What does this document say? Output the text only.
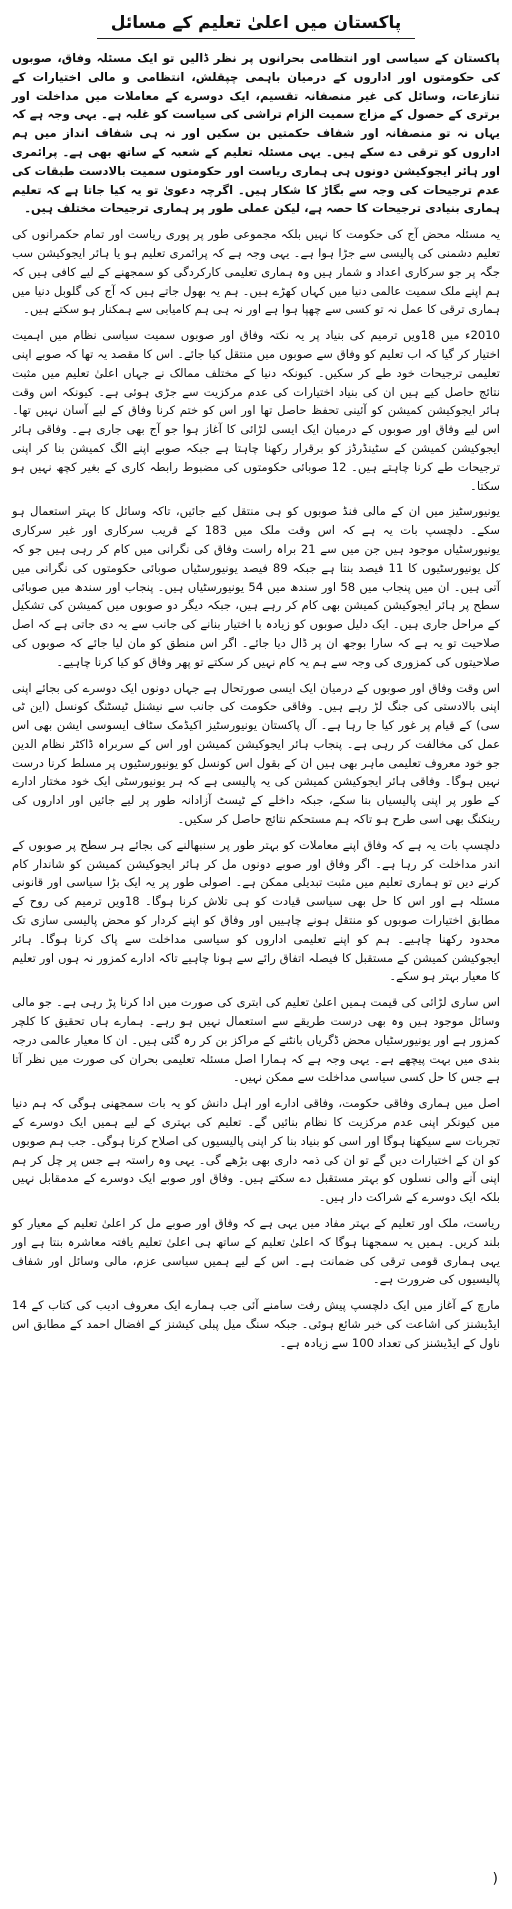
پاکستان میں اعلیٰ تعلیم کے مسائل

پاکستان کے سیاسی اور انتظامی بحرانوں پر نظر ڈالیں تو ایک مسئلہ وفاق، صوبوں کی حکومتوں اور اداروں کے درمیان باہمی چپقلش، انتظامی و مالی اختیارات کے تنازعات، وسائل کی غیر منصفانہ تقسیم، ایک دوسرے کے معاملات میں مداخلت اور برتری کے حصول کے مزاج سمیت الزام تراشی کی سیاست کو غلبہ ہے۔ یہی وجہ ہے کہ یہاں نہ تو منصفانہ اور شفاف حکمتیں بن سکیں اور نہ ہی شفاف انداز میں ہم اداروں کو ترقی دے سکے ہیں۔ یہی مسئلہ تعلیم کے شعبہ کے ساتھ بھی ہے۔ پرائمری اور ہائر ایجوکیشن دونوں ہی ہماری ریاست اور حکومتوں سمیت بالادست طبقات کی عدم ترجیحات کی وجہ سے بگاڑ کا شکار ہیں۔ اگرچہ دعویٰ تو یہ کیا جاتا ہے کہ تعلیم ہماری بنیادی ترجیحات کا حصہ ہے، لیکن عملی طور پر ہماری ترجیحات مختلف ہیں۔

یہ مسئلہ محض آج کی حکومت کا نہیں بلکہ مجموعی طور پر پوری ریاست اور تمام حکمرانوں کی تعلیم دشمنی کی پالیسی سے جڑا ہوا ہے۔ یہی وجہ ہے کہ پرائمری تعلیم ہو یا ہائر ایجوکیشن سب جگہ پر جو سرکاری اعداد و شمار ہیں وہ ہماری تعلیمی کارکردگی کو سمجھنے کے لیے کافی ہیں کہ ہم اپنے ملک سمیت عالمی دنیا میں کہاں کھڑے ہیں۔ ہم یہ بھول جاتے ہیں کہ آج کی گلوبل دنیا میں ہماری ترقی کا عمل نہ تو کسی سے چھپا ہوا ہے اور نہ ہی ہم کامیابی سے ہمکنار ہو سکتے ہیں۔

2010ء میں 18ویں ترمیم کی بنیاد پر یہ نکتہ وفاق اور صوبوں سمیت سیاسی نظام میں اہمیت اختیار کر گیا کہ اب تعلیم کو وفاق سے صوبوں میں منتقل کیا جائے۔ اس کا مقصد یہ تھا کہ صوبے اپنی تعلیمی ترجیحات خود طے کر سکیں۔ کیونکہ دنیا کے مختلف ممالک نے جہاں اعلیٰ تعلیم میں مثبت نتائج حاصل کیے ہیں ان کی بنیاد اختیارات کی عدم مرکزیت سے جڑی ہوئی ہے۔ کیونکہ اس وقت ہائر ایجوکیشن کمیشن کو آئینی تحفظ حاصل تھا اور اس کو ختم کرنا وفاق کے لیے آسان نہیں تھا۔ اس لیے وفاق اور صوبوں کے درمیان ایک ایسی لڑائی کا آغاز ہوا جو آج بھی جاری ہے۔ وفاقی ہائر ایجوکیشن کمیشن کے سٹینڈرڈز کو برقرار رکھنا چاہتا ہے جبکہ صوبے اپنے الگ کمیشن بنا کر اپنی ترجیحات طے کرنا چاہتے ہیں۔ 12 صوبائی حکومتوں کی مضبوط رابطہ کاری کے بغیر کچھ نہیں ہو سکتا۔

یونیورسٹیز میں ان کے مالی فنڈ صوبوں کو ہی منتقل کیے جائیں، تاکہ وسائل کا بہتر استعمال ہو سکے۔ دلچسپ بات یہ ہے کہ اس وقت ملک میں 183 کے قریب سرکاری اور غیر سرکاری یونیورسٹیاں موجود ہیں جن میں سے 21 براہ راست وفاق کی نگرانی میں کام کر رہی ہیں جو کہ کل یونیورسٹیوں کا 11 فیصد بنتا ہے جبکہ 89 فیصد یونیورسٹیاں صوبائی حکومتوں کی نگرانی میں آتی ہیں۔ ان میں پنجاب میں 58 اور سندھ میں 54 یونیورسٹیاں ہیں۔ پنجاب اور سندھ میں صوبائی سطح پر ہائر ایجوکیشن کمیشن بھی کام کر رہے ہیں، جبکہ دیگر دو صوبوں میں کمیشن کی تشکیل کے مراحل جاری ہیں۔ ایک دلیل صوبوں کو زیادہ با اختیار بنانے کی جانب سے یہ دی جاتی ہے کہ اصل صلاحیت تو یہ ہے کہ سارا بوجھ ان پر ڈال دیا جائے۔ اگر اس منطق کو مان لیا جائے کہ صوبوں کی صلاحیتوں کی کمزوری کی وجہ سے ہم یہ کام نہیں کر سکتے تو پھر وفاق کو کیا کرنا چاہیے۔

اس وقت وفاق اور صوبوں کے درمیان ایک ایسی صورتحال ہے جہاں دونوں ایک دوسرے کی بجائے اپنی اپنی بالادستی کی جنگ لڑ رہے ہیں۔ وفاقی حکومت کی جانب سے نیشنل ٹیسٹنگ کونسل (این ٹی سی) کے قیام پر غور کیا جا رہا ہے۔ آل پاکستان یونیورسٹیز اکیڈمک سٹاف ایسوسی ایشن بھی اس عمل کی مخالفت کر رہی ہے۔ پنجاب ہائر ایجوکیشن کمیشن اور اس کے سربراہ ڈاکٹر نظام الدین جو خود معروف تعلیمی ماہر بھی ہیں ان کے بقول اس کونسل کو یونیورسٹیوں پر مسلط کرنا درست نہیں ہوگا۔ وفاقی ہائر ایجوکیشن کمیشن کی یہ پالیسی ہے کہ ہر یونیورسٹی ایک خود مختار ادارے کے طور پر اپنی پالیسیاں بنا سکے، جبکہ داخلے کے ٹیسٹ آزادانہ طور پر لیے جائیں اور اداروں کی رینکنگ بھی اسی طرح ہو تاکہ ہم مستحکم نتائج حاصل کر سکیں۔

دلچسپ بات یہ ہے کہ وفاق اپنے معاملات کو بہتر طور پر سنبھالنے کی بجائے ہر سطح پر صوبوں کے اندر مداخلت کر رہا ہے۔ اگر وفاق اور صوبے دونوں مل کر ہائر ایجوکیشن کمیشن کو شاندار کام کرنے دیں تو ہماری تعلیم میں مثبت تبدیلی ممکن ہے۔ اصولی طور پر یہ ایک بڑا سیاسی اور قانونی مسئلہ ہے اور اس کا حل بھی سیاسی قیادت کو ہی تلاش کرنا ہوگا۔ 18ویں ترمیم کی روح کے مطابق اختیارات صوبوں کو منتقل ہونے چاہییں اور وفاق کو اپنے کردار کو محض پالیسی سازی تک محدود رکھنا چاہیے۔ ہم کو اپنے تعلیمی اداروں کو سیاسی مداخلت سے پاک کرنا ہوگا۔ ہائر ایجوکیشن کمیشن کے مستقبل کا فیصلہ اتفاق رائے سے ہونا چاہیے تاکہ ادارے کمزور نہ ہوں اور تعلیم کا معیار بہتر ہو سکے۔

اس ساری لڑائی کی قیمت ہمیں اعلیٰ تعلیم کی ابتری کی صورت میں ادا کرنا پڑ رہی ہے۔ جو مالی وسائل موجود ہیں وہ بھی درست طریقے سے استعمال نہیں ہو رہے۔ ہمارے ہاں تحقیق کا کلچر کمزور ہے اور یونیورسٹیاں محض ڈگریاں بانٹنے کے مراکز بن کر رہ گئی ہیں۔ ان کا معیار عالمی درجہ بندی میں بہت پیچھے ہے۔ یہی وجہ ہے کہ ہمارا اصل مسئلہ تعلیمی بحران کی صورت میں نظر آتا ہے جس کا حل کسی سیاسی مداخلت سے ممکن نہیں۔

اصل میں ہماری وفاقی حکومت، وفاقی ادارے اور اہل دانش کو یہ بات سمجھنی ہوگی کہ ہم دنیا میں کیونکر اپنی عدم مرکزیت کا نظام بنائیں گے۔ تعلیم کی بہتری کے لیے ہمیں ایک دوسرے کے تجربات سے سیکھنا ہوگا اور اسی کو بنیاد بنا کر اپنی پالیسیوں کی اصلاح کرنا ہوگی۔ جب ہم صوبوں کو ان کے اختیارات دیں گے تو ان کی ذمہ داری بھی بڑھے گی۔ یہی وہ راستہ ہے جس پر چل کر ہم اپنی آنے والی نسلوں کو بہتر مستقبل دے سکتے ہیں۔ وفاق اور صوبے ایک دوسرے کے مدمقابل نہیں بلکہ ایک دوسرے کے شراکت دار ہیں۔

ریاست، ملک اور تعلیم کے بہتر مفاد میں یہی ہے کہ وفاق اور صوبے مل کر اعلیٰ تعلیم کے معیار کو بلند کریں۔ ہمیں یہ سمجھنا ہوگا کہ اعلیٰ تعلیم کے ساتھ ہی اعلیٰ تعلیم یافتہ معاشرہ بنتا ہے اور یہی ہماری قومی ترقی کی ضمانت ہے۔ اس کے لیے ہمیں سیاسی عزم، مالی وسائل اور شفاف پالیسیوں کی ضرورت ہے۔

مارچ کے آغاز میں ایک دلچسپ پیش رفت سامنے آئی جب ہمارے ایک معروف ادیب کی کتاب کے 14 ایڈیشنز کی اشاعت کی خبر شائع ہوئی۔ جبکہ سنگ میل پبلی کیشنز کے افضال احمد کے مطابق اس ناول کے ایڈیشنز کی تعداد 100 سے زیادہ ہے۔

(
